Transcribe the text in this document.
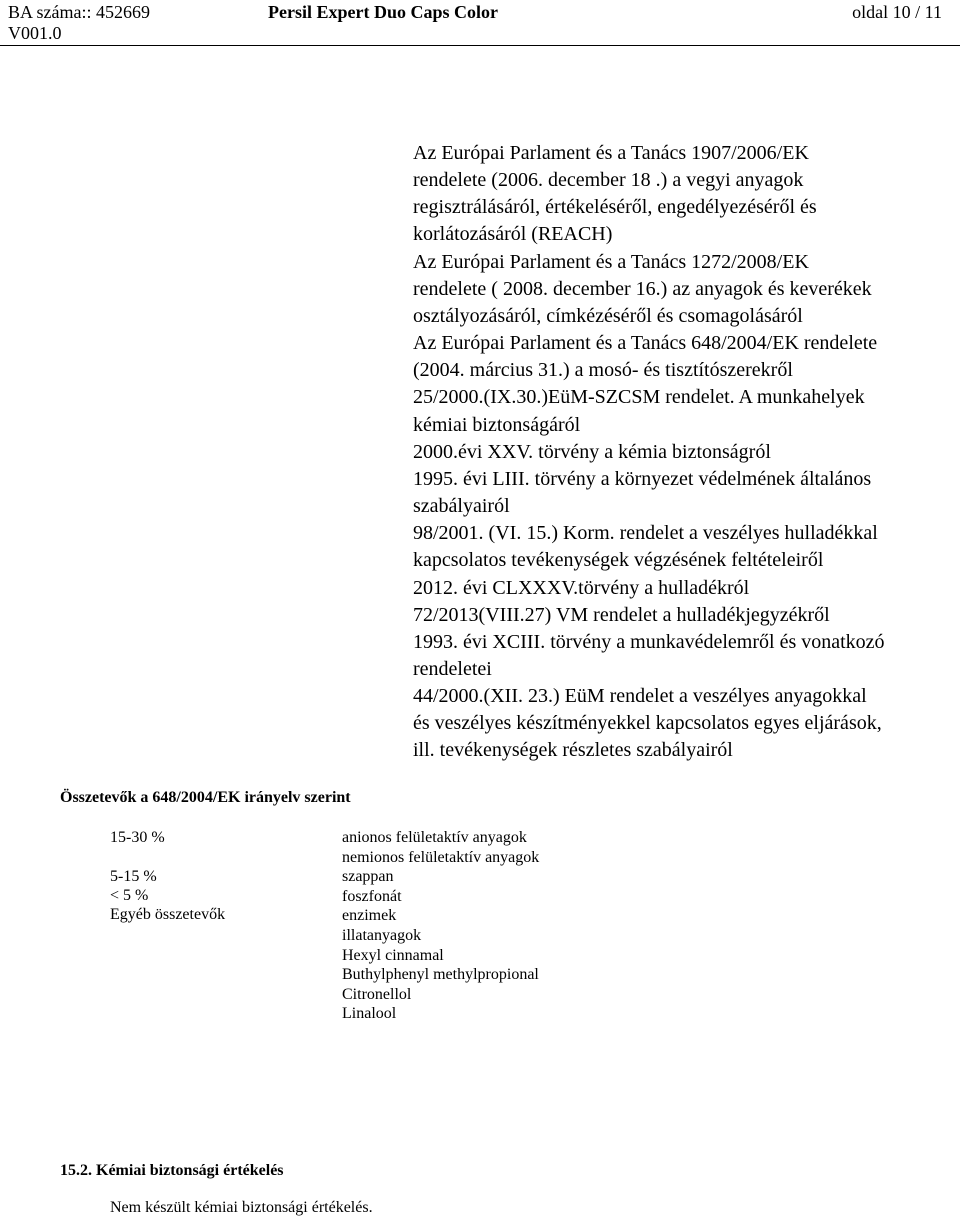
BA száma:: 452669
V001.0
Persil Expert Duo Caps Color	oldal 10 / 11
Az Európai Parlament és a Tanács 1907/2006/EK
rendelete (2006. december 18 .) a vegyi anyagok
regisztrálásáról, értékeléséről, engedélyezéséről és
korlátozásáról (REACH)
Az Európai Parlament és a Tanács 1272/2008/EK
rendelete ( 2008. december 16.) az anyagok és keverékek
osztályozásáról, címkézéséről és csomagolásáról
Az Európai Parlament és a Tanács 648/2004/EK rendelete
(2004. március 31.) a mosó- és tisztítószerekről
25/2000.(IX.30.)EüM-SZCSM rendelet. A munkahelyek
kémiai biztonságáról
2000.évi XXV. törvény a kémia biztonságról
1995. évi LIII. törvény a környezet védelmének általános
szabályairól
98/2001. (VI. 15.) Korm. rendelet a veszélyes hulladékkal
kapcsolatos tevékenységek végzésének feltételeiről
2012. évi CLXXXV.törvény a hulladékról
72/2013(VIII.27) VM rendelet a hulladékjegyzékről
1993. évi XCIII. törvény a munkavédelemről és vonatkozó
rendeletei
44/2000.(XII. 23.) EüM rendelet a veszélyes anyagokkal
és veszélyes készítményekkel kapcsolatos egyes eljárások,
ill. tevékenységek részletes szabályairól
Összetevők a 648/2004/EK irányelv szerint
15-30 %

5-15 %
< 5 %
Egyéb összetevők
anionos felületaktív anyagok
nemionos felületaktív anyagok
szappan
foszfonát
enzimek
illatanyagok
Hexyl cinnamal
Buthylphenyl methylpropional
Citronellol
Linalool
15.2. Kémiai biztonsági értékelés
Nem készült kémiai biztonsági értékelés.
